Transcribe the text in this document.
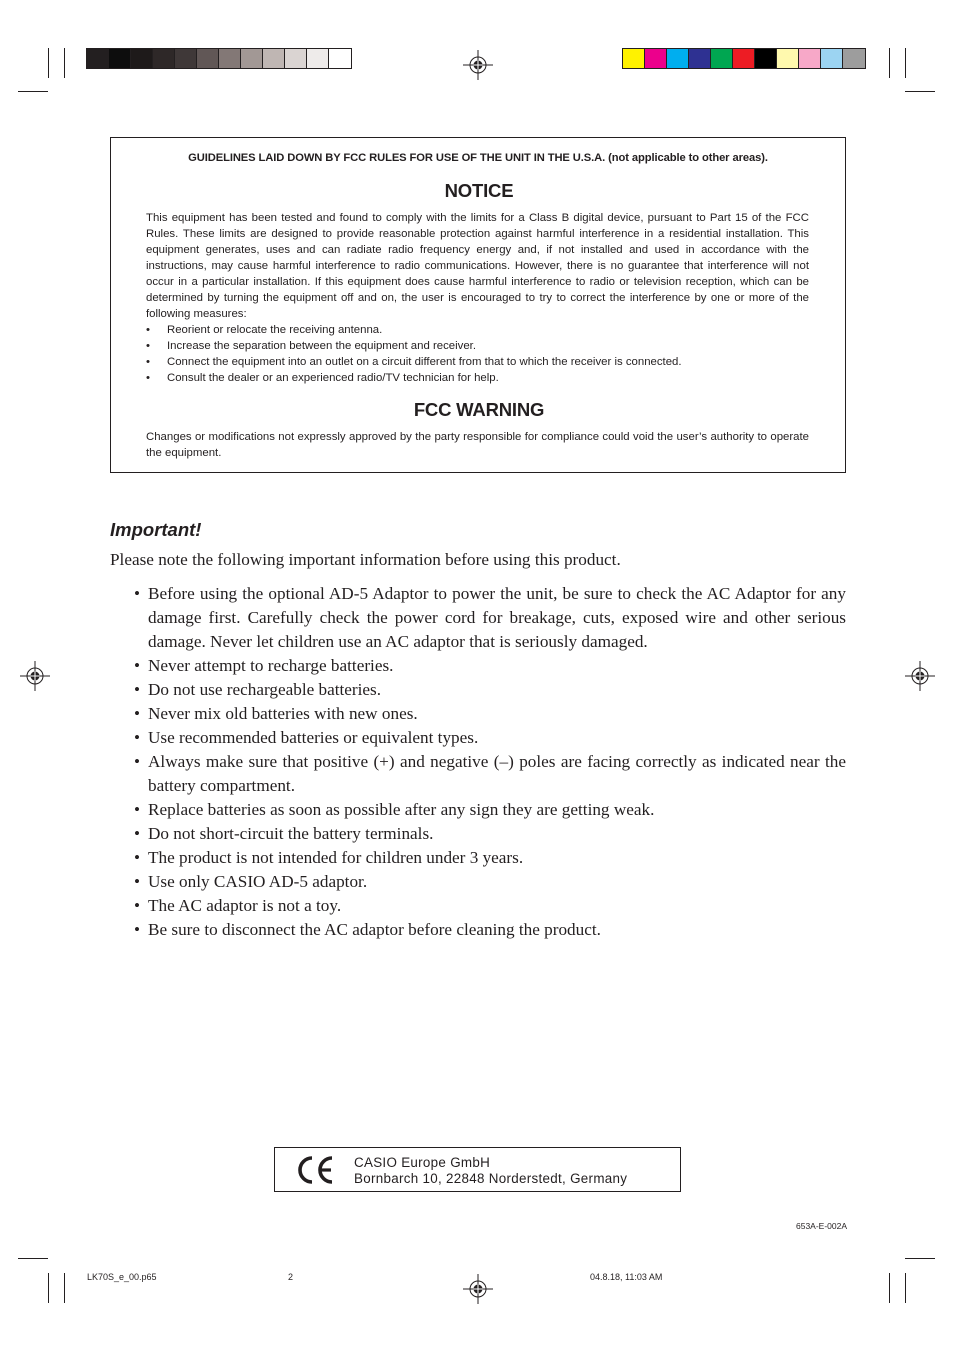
GUIDELINES LAID DOWN BY FCC RULES FOR USE OF THE UNIT IN THE U.S.A. (not applicable to other areas).
NOTICE
This equipment has been tested and found to comply with the limits for a Class B digital device, pursuant to Part 15 of the FCC Rules. These limits are designed to provide reasonable protection against harmful interference in a residential installation. This equipment generates, uses and can radiate radio frequency energy and, if not installed and used in accordance with the instructions, may cause harmful interference to radio communications. However, there is no guarantee that interference will not occur in a particular installation. If this equipment does cause harmful interference to radio or television reception, which can be determined by turning the equipment off and on, the user is encouraged to try to correct the interference by one or more of the following measures:
• Reorient or relocate the receiving antenna.
• Increase the separation between the equipment and receiver.
• Connect the equipment into an outlet on a circuit different from that to which the receiver is connected.
• Consult the dealer or an experienced radio/TV technician for help.
FCC WARNING
Changes or modifications not expressly approved by the party responsible for compliance could void the user’s authority to operate the equipment.
Important!
Please note the following important information before using this product.
• Before using the optional AD-5 Adaptor to power the unit, be sure to check the AC Adaptor for any damage first. Carefully check the power cord for breakage, cuts, exposed wire and other serious damage. Never let children use an AC adaptor that is seriously damaged.
• Never attempt to recharge batteries.
• Do not use rechargeable batteries.
• Never mix old batteries with new ones.
• Use recommended batteries or equivalent types.
• Always make sure that positive (+) and negative (–) poles are facing correctly as indicated near the battery compartment.
• Replace batteries as soon as possible after any sign they are getting weak.
• Do not short-circuit the battery terminals.
• The product is not intended for children under 3 years.
• Use only CASIO AD-5 adaptor.
• The AC adaptor is not a toy.
• Be sure to disconnect the AC adaptor before cleaning the product.
CASIO Europe GmbH
Bornbarch 10, 22848 Norderstedt, Germany
653A-E-002A
LK70S_e_00.p65	2	04.8.18, 11:03 AM
